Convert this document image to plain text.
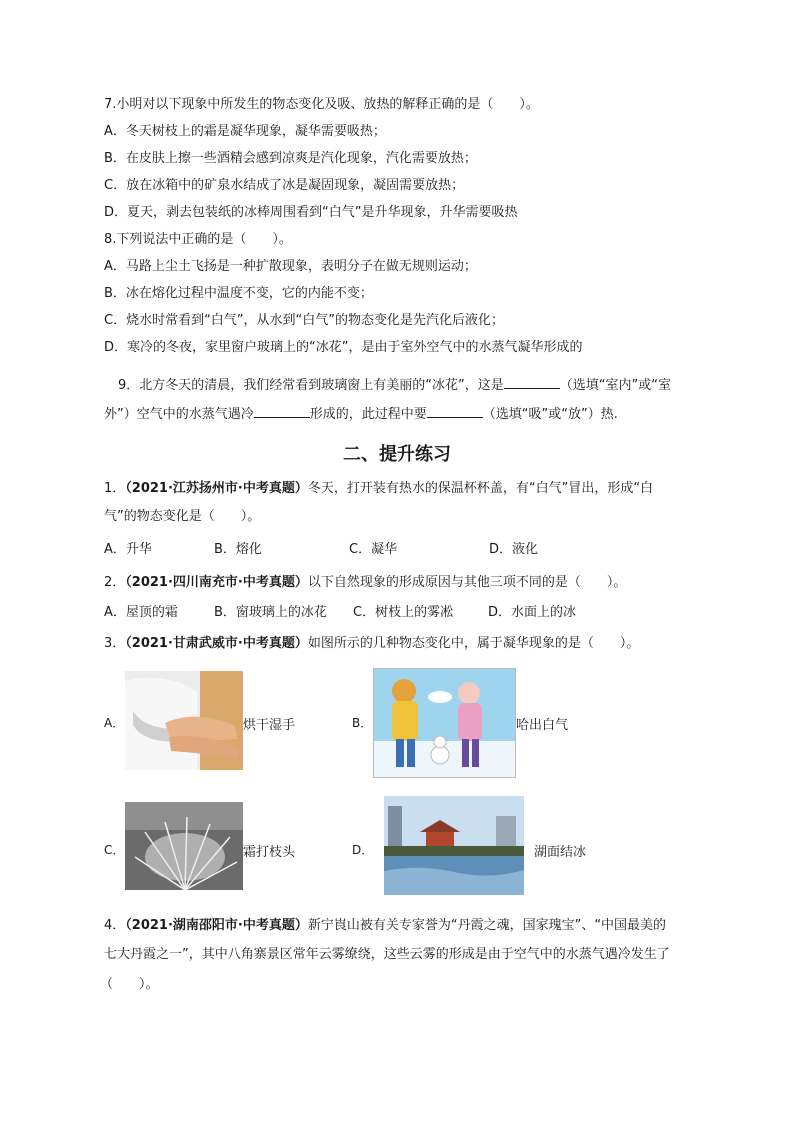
7.小明对以下现象中所发生的物态变化及吸、放热的解释正确的是（　　）。
A．冬天树枝上的霜是凝华现象，凝华需要吸热；
B．在皮肤上擦一些酒精会感到凉爽是汽化现象，汽化需要放热；
C．放在冰箱中的矿泉水结成了冰是凝固现象，凝固需要放热；
D．夏天，剥去包装纸的冰棒周围看到“白气”是升华现象，升华需要吸热
8.下列说法中正确的是（　　）。
A．马路上尘土飞扬是一种扩散现象，表明分子在做无规则运动；
B．冰在熔化过程中温度不变，它的内能不变；
C．烧水时常看到“白气”，从水到“白气”的物态变化是先汽化后液化；
D．寒冷的冬夜，家里窗户玻璃上的“冰花”，是由于室外空气中的水蒸气凝华形成的
9．北方冬天的清晨，我们经常看到玻璃窗上有美丽的“冰花”，这是	（选填“室内”或“室
外”）空气中的水蒸气遇冷	形成的，此过程中要	（选填“吸”或“放”）热.
二、提升练习
1．（2021·江苏扬州市·中考真题）冬天，打开装有热水的保温杯杯盖，有“白气”冒出，形成“白
气”的物态变化是（　　）。
A．升华	B．熔化	C．凝华	D．液化
2．（2021·四川南充市·中考真题）以下自然现象的形成原因与其他三项不同的是（　　）。
A．屋顶的霜	B．窗玻璃上的冰花 C．树枝上的雾凇	D．水面上的冰
3．（2021·甘肃武威市·中考真题）如图所示的几种物态变化中，属于凝华现象的是（　　）。
A．	烘干湿手	B．	哈出白气
C．	霜打枝头	D．	湖面结冰
4．（2021·湖南邵阳市·中考真题）新宁崀山被有关专家誉为“丹霞之魂，国家瑰宝”、“中国最美的
七大丹霞之一”，其中八角寨景区常年云雾缭绕，这些云雾的形成是由于空气中的水蒸气遇冷发生了
（　　）。
